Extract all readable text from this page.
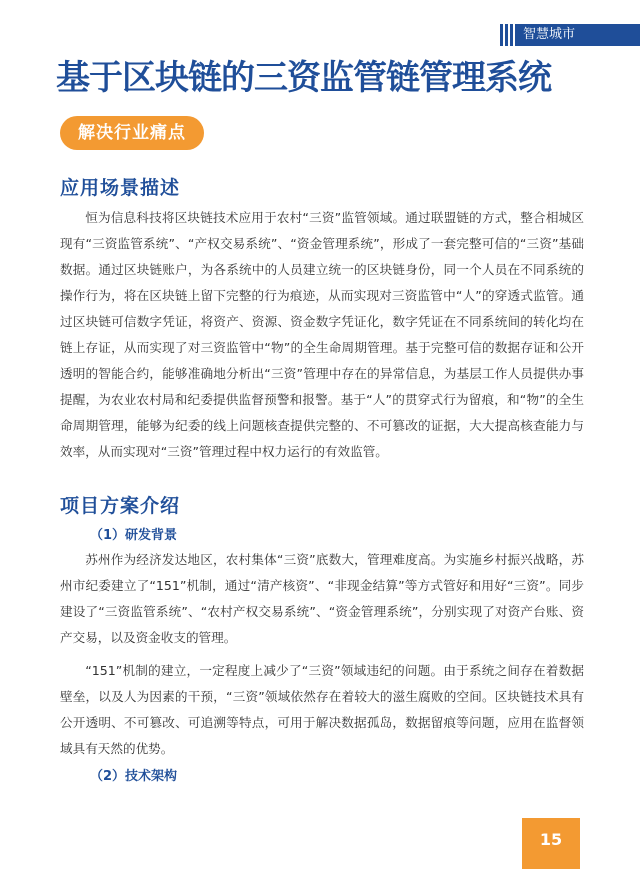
智慧城市
基于区块链的三资监管链管理系统
解决行业痛点
应用场景描述

恒为信息科技将区块链技术应用于农村“三资”监管领域。通过联盟链的方式，整合相城区现有“三资监管系统”、“产权交易系统”、“资金管理系统”，形成了一套完整可信的“三资”基础数据。通过区块链账户，为各系统中的人员建立统一的区块链身份，同一个人员在不同系统的操作行为，将在区块链上留下完整的行为痕迹，从而实现对三资监管中“人”的穿透式监管。通过区块链可信数字凭证，将资产、资源、资金数字凭证化，数字凭证在不同系统间的转化均在链上存证，从而实现了对三资监管中“物”的全生命周期管理。基于完整可信的数据存证和公开透明的智能合约，能够准确地分析出“三资”管理中存在的异常信息，为基层工作人员提供办事提醒，为农业农村局和纪委提供监督预警和报警。基于“人”的贯穿式行为留痕，和“物”的全生命周期管理，能够为纪委的线上问题核查提供完整的、不可篡改的证据，大大提高核查能力与效率，从而实现对“三资”管理过程中权力运行的有效监管。

项目方案介绍
（1）研发背景

苏州作为经济发达地区，农村集体“三资”底数大，管理难度高。为实施乡村振兴战略，苏州市纪委建立了“151”机制，通过“清产核资”、“非现金结算”等方式管好和用好“三资”。同步建设了“三资监管系统”、“农村产权交易系统”、“资金管理系统”，分别实现了对资产台账、资产交易，以及资金收支的管理。

“151”机制的建立，一定程度上减少了“三资”领域违纪的问题。由于系统之间存在着数据壁垒，以及人为因素的干预，“三资”领域依然存在着较大的滋生腐败的空间。区块链技术具有公开透明、不可篡改、可追溯等特点，可用于解决数据孤岛，数据留痕等问题，应用在监督领域具有天然的优势。

（2）技术架构
15
